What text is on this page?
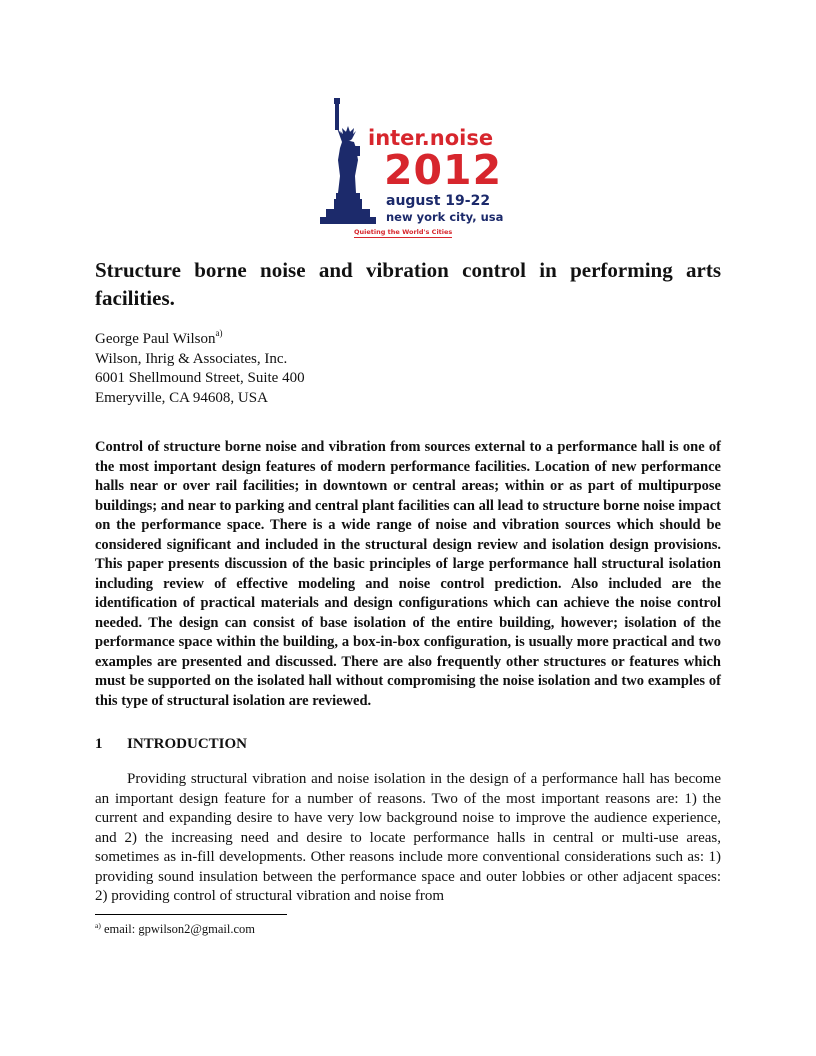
inter.noise
2012
august 19-22
new york city, usa
Quieting the World's Cities
Structure borne noise and vibration control in performing arts facilities.
George Paul Wilson$^{a)}$
Wilson, Ihrig & Associates, Inc.
6001 Shellmound Street, Suite 400
Emeryville, CA 94608, USA

Control of structure borne noise and vibration from sources external to a performance hall is one of the most important design features of modern performance facilities. Location of new performance halls near or over rail facilities; in downtown or central areas; within or as part of multipurpose buildings; and near to parking and central plant facilities can all lead to structure borne noise impact on the performance space. There is a wide range of noise and vibration sources which should be considered significant and included in the structural design review and isolation design provisions. This paper presents discussion of the basic principles of large performance hall structural isolation including review of effective modeling and noise control prediction. Also included are the identification of practical materials and design configurations which can achieve the noise control needed. The design can consist of base isolation of the entire building, however; isolation of the performance space within the building, a box-in-box configuration, is usually more practical and two examples are presented and discussed. There are also frequently other structures or features which must be supported on the isolated hall without compromising the noise isolation and two examples of this type of structural isolation are reviewed.

1 INTRODUCTION

Providing structural vibration and noise isolation in the design of a performance hall has become an important design feature for a number of reasons. Two of the most important reasons are: 1) the current and expanding desire to have very low background noise to improve the audience experience, and 2) the increasing need and desire to locate performance halls in central or multi-use areas, sometimes as in-fill developments. Other reasons include more conventional considerations such as: 1) providing sound insulation between the performance space and outer lobbies or other adjacent spaces: 2) providing control of structural vibration and noise from

$^{a)}$ email: gpwilson2@gmail.com
